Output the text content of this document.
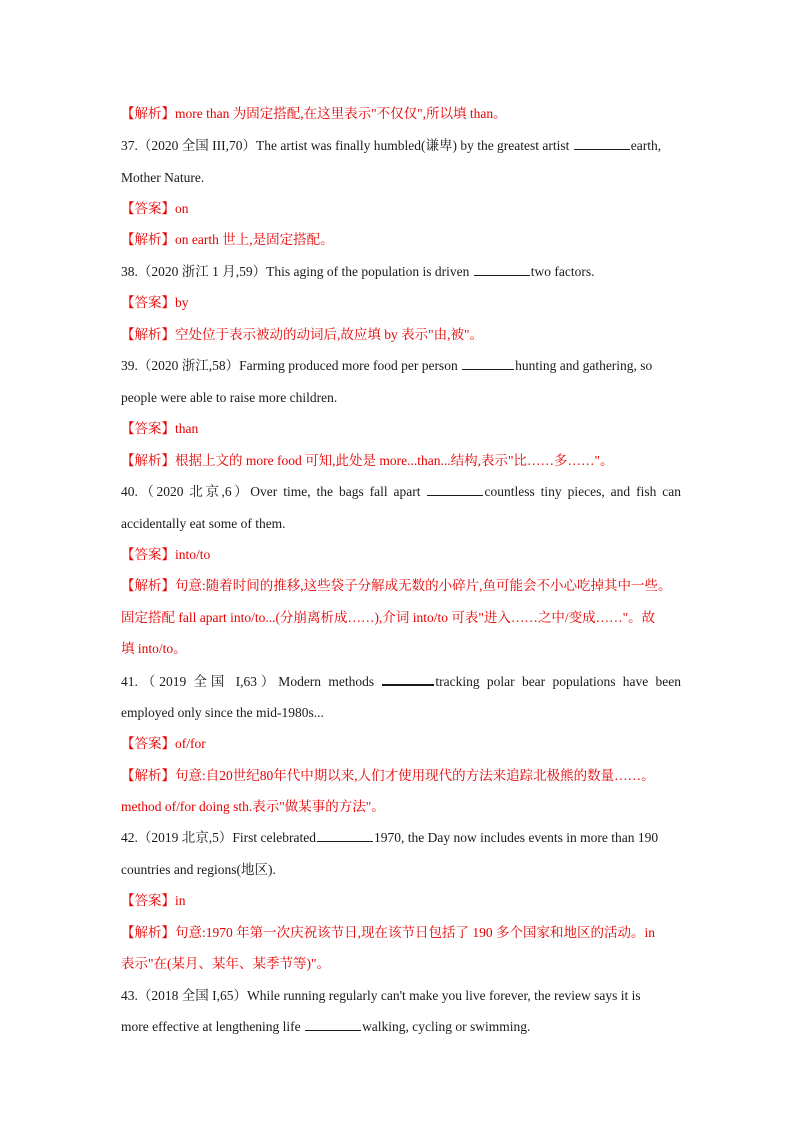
【解析】more than 为固定搭配,在这里表示"不仅仅",所以填 than。
37.（2020 全国 III,70）The artist was finally humbled(谦卑) by the greatest artist	earth,
Mother Nature.
【答案】on
【解析】on earth 世上,是固定搭配。
38.（2020 浙江 1 月,59）This aging of the population is driven	two factors.
【答案】by
【解析】空处位于表示被动的动词后,故应填 by 表示"由,被"。
39.（2020 浙江,58）Farming produced more food per person	hunting and gathering, so
people were able to raise more children.
【答案】than
【解析】根据上文的 more food 可知,此处是 more...than...结构,表示"比……多……"。
40.（2020 北京,6）Over time, the bags fall apart	countless tiny pieces, and fish can
accidentally eat some of them.
【答案】into/to
【解析】句意:随着时间的推移,这些袋子分解成无数的小碎片,鱼可能会不小心吃掉其中一些。
固定搭配 fall apart into/to...(分崩离析成……),介词 into/to 可表"进入……之中/变成……"。故
填 into/to。
41.（2019 全国 I,63）Modern methods	tracking polar bear populations have been
employed only since the mid-1980s...
【答案】of/for
【解析】句意:自20世纪80年代中期以来,人们才使用现代的方法来追踪北极熊的数量……。
method of/for doing sth.表示"做某事的方法"。
42.（2019 北京,5）First celebrated	1970, the Day now includes events in more than 190
countries and regions(地区).
【答案】in
【解析】句意:1970 年第一次庆祝该节日,现在该节日包括了 190 多个国家和地区的活动。in
表示"在(某月、某年、某季节等)"。
43.（2018 全国 I,65）While running regularly can't make you live forever, the review says it is
more effective at lengthening life	walking, cycling or swimming.
